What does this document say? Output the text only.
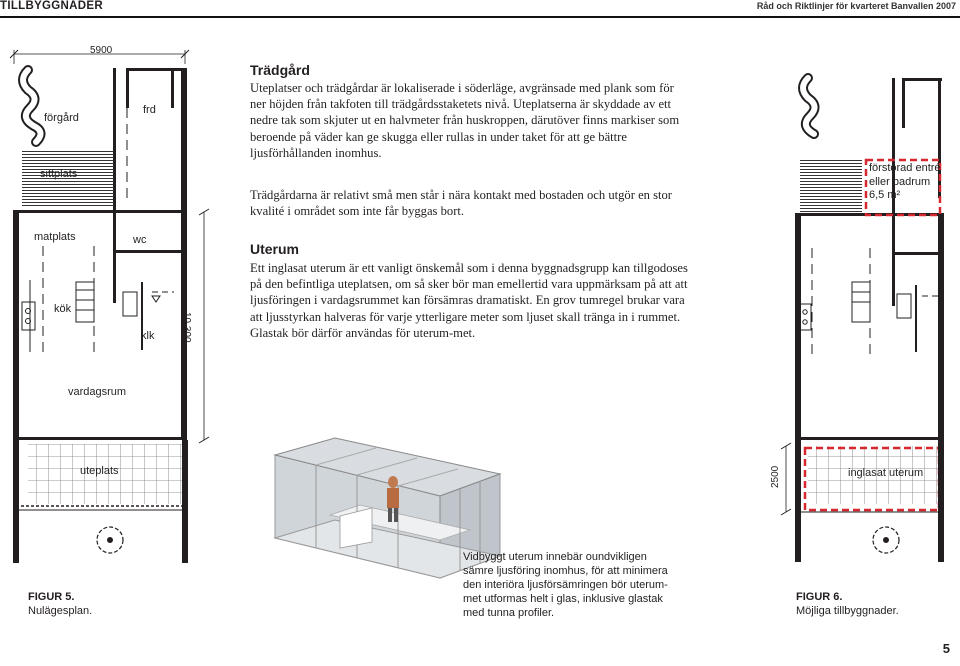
TILLBYGGNADER	Råd och Riktlinjer för kvarteret Banvallen 2007
5900
förgård
frd
sittplats
matplats	wc
kök
klk
vardagsrum
uteplats
10 300
förstorad entré
eller badrum
6,5 m²
inglasat uterum
2500
Trädgård
Uteplatser och trädgårdar är lokaliserade i söderläge, avgränsade med plank som för ner höjden från takfoten till trädgårdsstaketets nivå. Uteplatserna är skyddade av ett nedre tak som skjuter ut en halvmeter från huskroppen, därutöver finns markiser som beroende på väder kan ge skugga eller rullas in under taket för att ge bättre ljusförhållanden inomhus.
Trädgårdarna är relativt små men står i nära kontakt med bostaden och utgör en stor kvalité i området som inte får byggas bort.
Uterum
Ett inglasat uterum är ett vanligt önskemål som i denna byggnadsgrupp kan tillgodoses på den befintliga uteplatsen, om så sker bör man emellertid vara uppmärksam på att att ljusföringen i vardagsrummet kan försämras dramatiskt. En grov tumregel brukar vara att ljusstyrkan halveras för varje ytterligare meter som ljuset skall tränga in i rummet. Glastak bör därför användas för uterum-met.
Vidbyggt uterum innebär oundvikligen
sämre ljusföring inomhus, för att minimera
den interiöra ljusförsämringen bör uterum-
met utformas helt i glas, inklusive glastak
med tunna profiler.
FIGUR 5.
Nulägesplan.
FIGUR 6.
Möjliga tillbyggnader.
5
